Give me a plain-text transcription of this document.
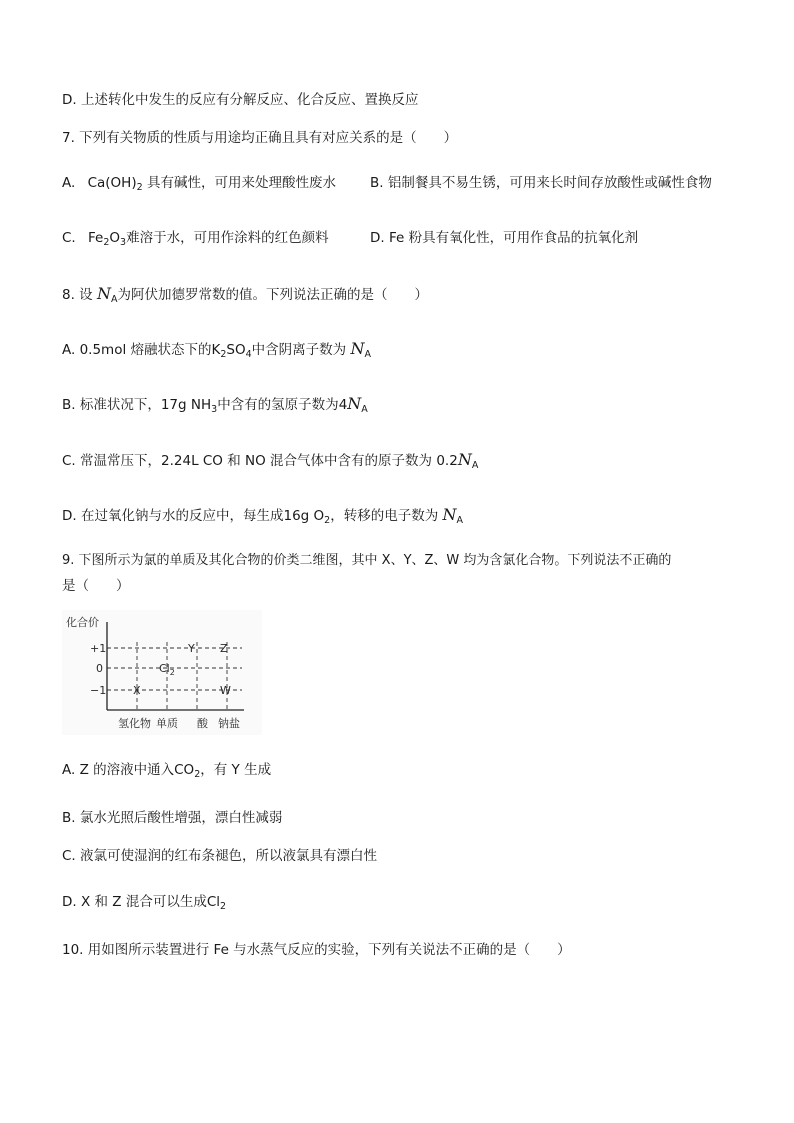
D. 上述转化中发生的反应有分解反应、化合反应、置换反应
7. 下列有关物质的性质与用途均正确且具有对应关系的是（　　）
A. $Ca(OH)_2$ 具有碱性，可用来处理酸性废水	B. 铝制餐具不易生锈，可用来长时间存放酸性或碱性食物
C. $Fe_2O_3$难溶于水，可用作涂料的红色颜料	D. Fe 粉具有氧化性，可用作食品的抗氧化剂
8. 设 $N_A$为阿伏加德罗常数的值。下列说法正确的是（　　）
A. 0.5mol 熔融状态下的$K_2SO_4$中含阴离子数为 $N_A$
B. 标准状况下，17g $NH_3$中含有的氢原子数为$4N_A$
C. 常温常压下，2.24L CO 和 NO 混合气体中含有的原子数为 $0.2N_A$
D. 在过氧化钠与水的反应中，每生成16g $O_2$，转移的电子数为 $N_A$
9. 下图所示为氯的单质及其化合物的价类二维图，其中 X、Y、Z、W 均为含氯化合物。下列说法不正确的
是（　　）
化合价
+1
0
−1 X
$Cl_2$
Y Z
W
氢化物 单质 酸 钠盐
A. Z 的溶液中通入$CO_2$，有 Y 生成
B. 氯水光照后酸性增强，漂白性减弱
C. 液氯可使湿润的红布条褪色，所以液氯具有漂白性
D. X 和 Z 混合可以生成$Cl_2$
10. 用如图所示装置进行 Fe 与水蒸气反应的实验，下列有关说法不正确的是（　　）
